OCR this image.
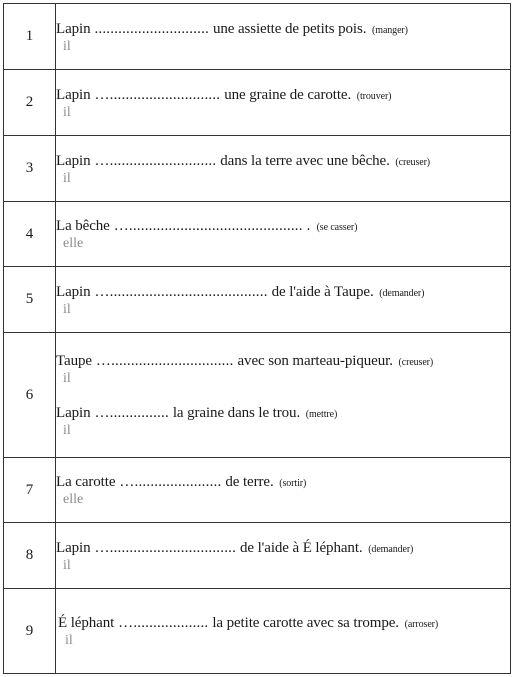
1	Lapin ............................. une assiette de petits pois. (manger)
il

2	Lapin …............................ une graine de carotte. (trouver)
il

3	Lapin …........................... dans la terre avec une bêche. (creuser)
il

4	La bêche …............................................ . (se casser)
elle

5	Lapin …........................................ de l'aide à Taupe. (demander)
il

6	Taupe …............................... avec son marteau-piqueur. (creuser)
il
Lapin …............... la graine dans le trou. (mettre)
il

7	La carotte …...................... de terre. (sortir)
elle

8	Lapin …................................ de l'aide à É léphant. (demander)
il

9	É léphant …................... la petite carotte avec sa trompe. (arroser)
il
